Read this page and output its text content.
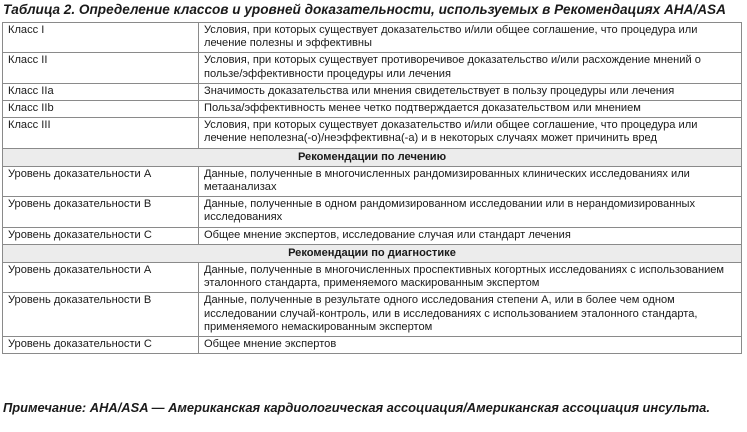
Таблица 2. Определение классов и уровней доказательности, используемых в Рекомендациях AHA/ASA
Класс I	Условия, при которых существует доказательство и/или общее соглашение, что процедура или лечение полезны и эффективны
Класс II	Условия, при которых существует противоречивое доказательство и/или расхождение мнений о пользе/эффективности процедуры или лечения
Класс IIa	Значимость доказательства или мнения свидетельствует в пользу процедуры или лечения
Класс IIb	Польза/эффективность менее четко подтверждается доказательством или мнением
Класс III	Условия, при которых существует доказательство и/или общее соглашение, что процедура или лечение неполезна(-о)/неэффективна(-а) и в некоторых случаях может причинить вред
Рекомендации по лечению	
Уровень доказательности A	Данные, полученные в многочисленных рандомизированных клинических исследованиях или метаанализах
Уровень доказательности B	Данные, полученные в одном рандомизированном исследовании или в нерандомизированных исследованиях
Уровень доказательности C	Общее мнение экспертов, исследование случая или стандарт лечения
Рекомендации по диагностике	
Уровень доказательности A	Данные, полученные в многочисленных проспективных когортных исследованиях с использованием эталонного стандарта, применяемого маскированным экспертом
Уровень доказательности B	Данные, полученные в результате одного исследования степени A, или в более чем одном исследовании случай-контроль, или в исследованиях с использованием эталонного стандарта, применяемого немаскированным экспертом
Уровень доказательности C	Общее мнение экспертов
Примечание: AHA/ASA — Американская кардиологическая ассоциация/Американская ассоциация инсульта.
